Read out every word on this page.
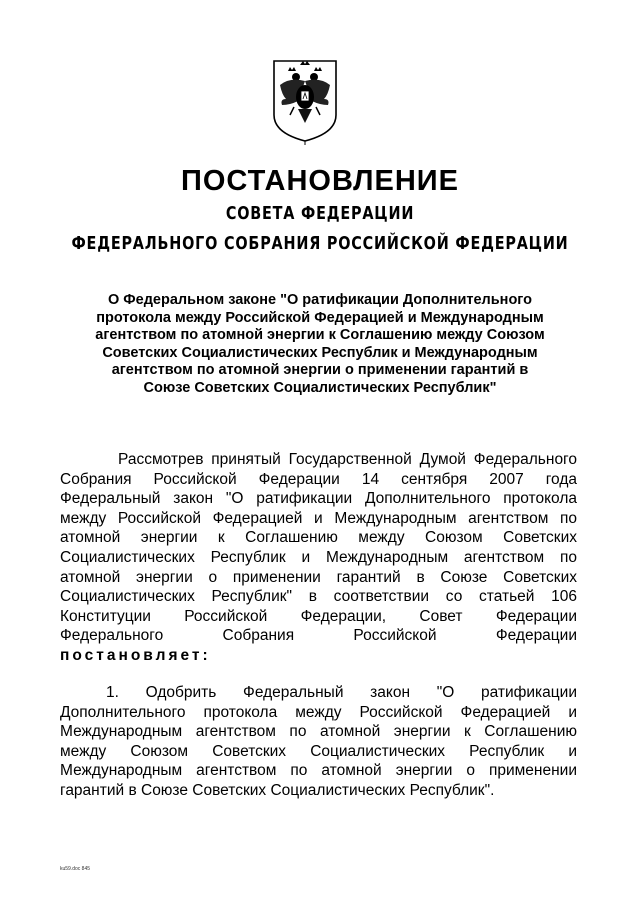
ПОСТАНОВЛЕНИЕ
СОВЕТА ФЕДЕРАЦИИ
ФЕДЕРАЛЬНОГО СОБРАНИЯ РОССИЙСКОЙ ФЕДЕРАЦИИ
О Федеральном законе "О ратификации Дополнительного
протокола между Российской Федерацией и Международным
агентством по атомной энергии к Соглашению между Союзом
Советских Социалистических Республик и Международным
агентством по атомной энергии о применении гарантий в
Союзе Советских Социалистических Республик"
Рассмотрев принятый Государственной Думой Федерального
Собрания Российской Федерации 14 сентября 2007 года
Федеральный закон "О ратификации Дополнительного протокола
между Российской Федерацией и Международным агентством по
атомной энергии к Соглашению между Союзом Советских
Социалистических Республик и Международным агентством по
атомной энергии о применении гарантий в Союзе Советских
Социалистических Республик" в соответствии со статьей 106
Конституции Российской Федерации, Совет Федерации
Федерального Собрания Российской Федерации
постановляет:
1. Одобрить Федеральный закон "О ратификации
Дополнительного протокола между Российской Федерацией и
Международным агентством по атомной энергии к Соглашению
между Союзом Советских Социалистических Республик и
Международным агентством по атомной энергии о применении
гарантий в Союзе Советских Социалистических Республик".
ku59.doc 845
